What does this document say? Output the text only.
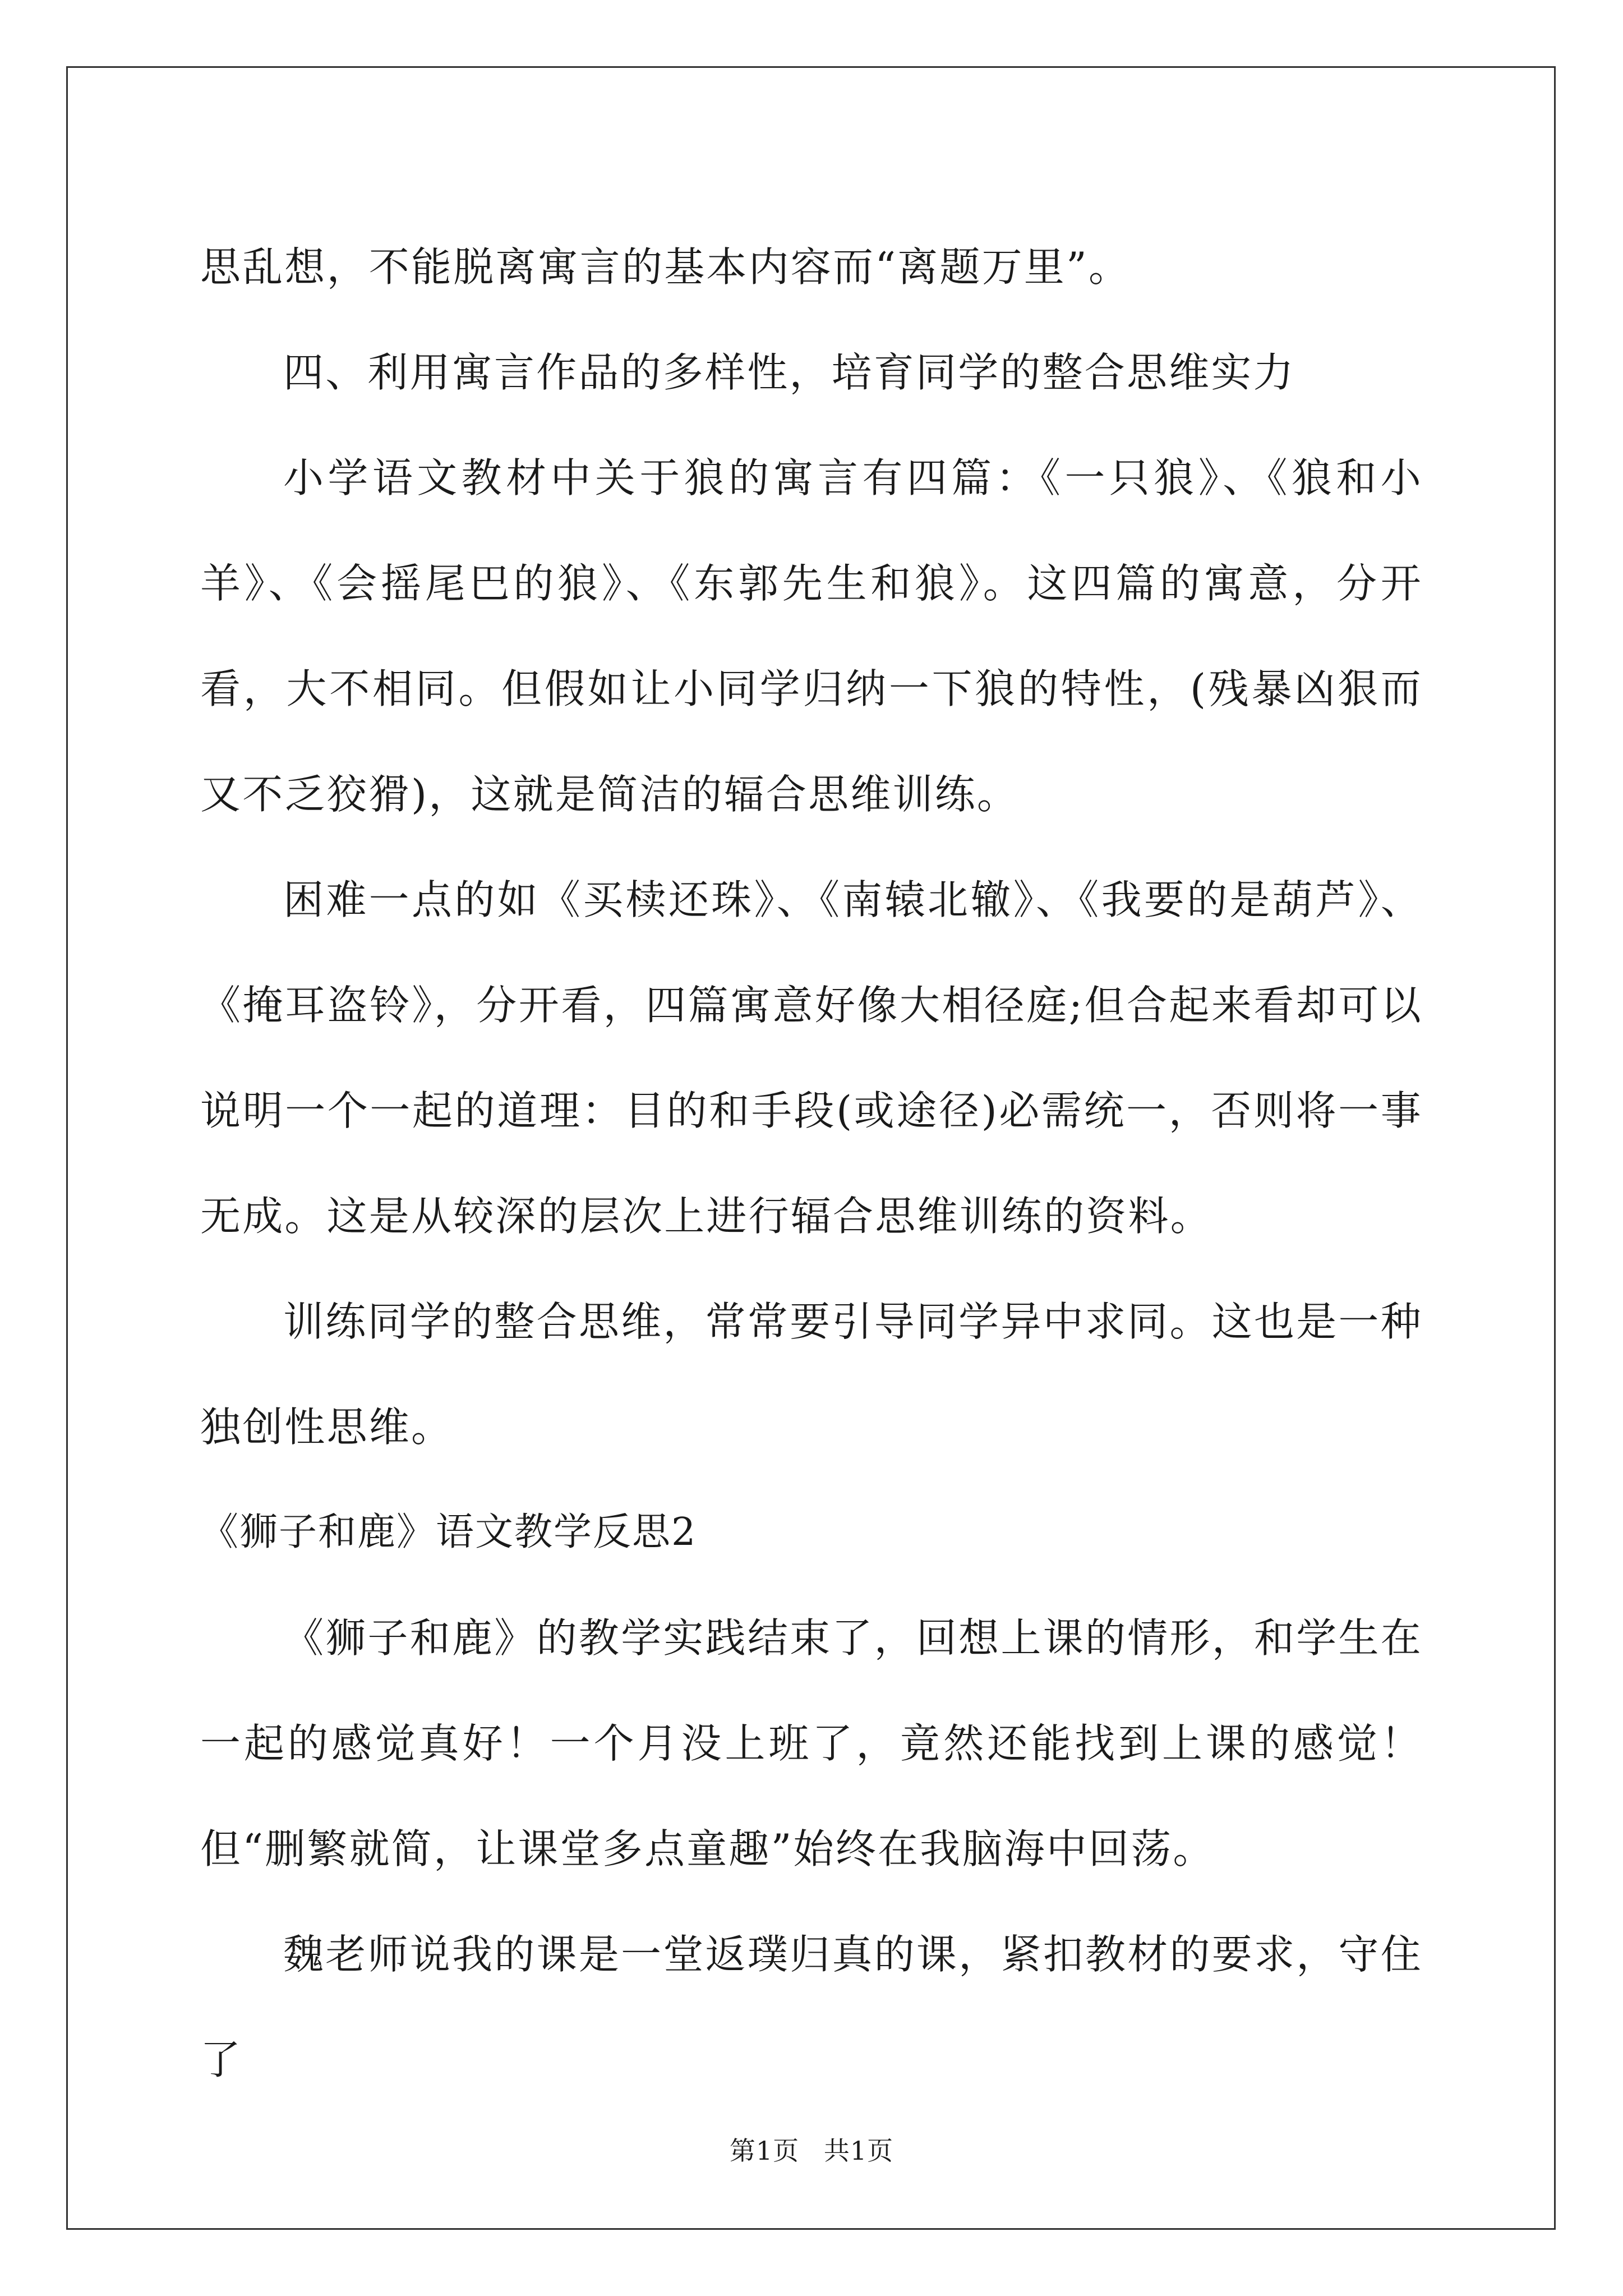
思乱想，不能脱离寓言的基本内容而“离题万里”。

四、利用寓言作品的多样性，培育同学的整合思维实力

小学语文教材中关于狼的寓言有四篇：《一只狼》、《狼和小羊》、《会摇尾巴的狼》、《东郭先生和狼》。这四篇的寓意，分开看，大不相同。但假如让小同学归纳一下狼的特性，(残暴凶狠而又不乏狡猾)，这就是简洁的辐合思维训练。

困难一点的如《买椟还珠》、《南辕北辙》、《我要的是葫芦》、《掩耳盗铃》，分开看，四篇寓意好像大相径庭;但合起来看却可以说明一个一起的道理：目的和手段(或途径)必需统一，否则将一事无成。这是从较深的层次上进行辐合思维训练的资料。

训练同学的整合思维，常常要引导同学异中求同。这也是一种独创性思维。

《狮子和鹿》语文教学反思2

《狮子和鹿》的教学实践结束了，回想上课的情形，和学生在一起的感觉真好！一个月没上班了，竟然还能找到上课的感觉！但“删繁就简，让课堂多点童趣”始终在我脑海中回荡。

魏老师说我的课是一堂返璞归真的课，紧扣教材的要求，守住了

第1页 共1页
